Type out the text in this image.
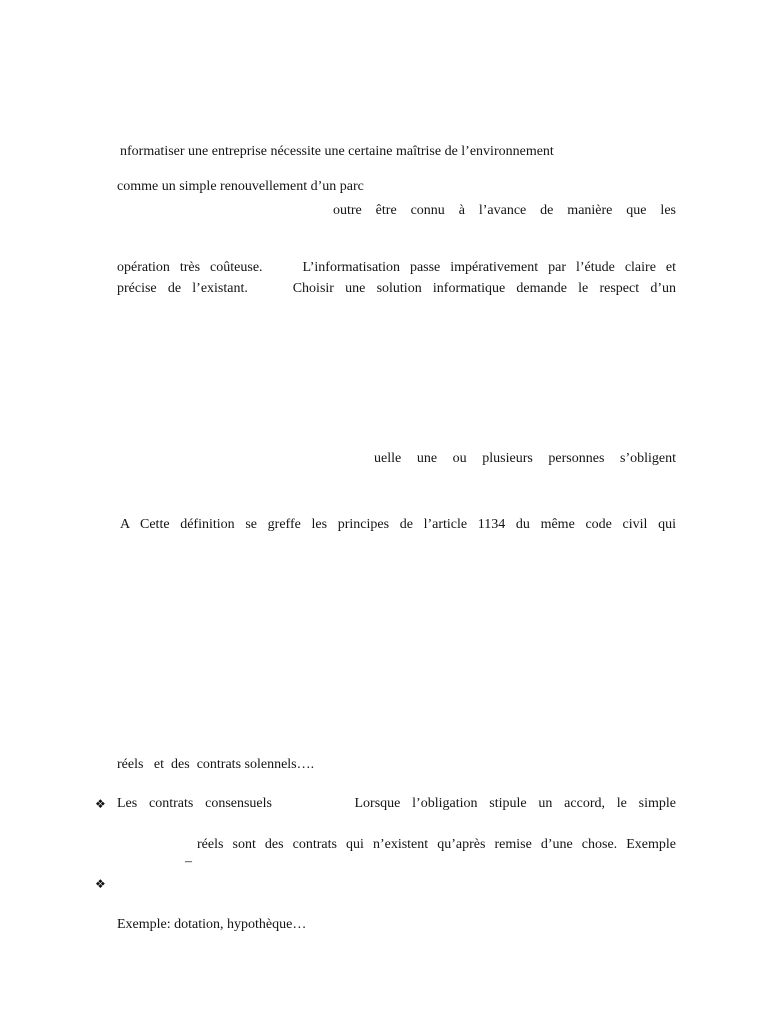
nformatiser une entreprise nécessite une certaine maîtrise de l’environnement
comme un simple renouvellement d’un parc
outre être connu à l’avance de manière que les
opération très coûteuse.    L’informatisation passe impérativement par l’étude claire et
précise de l’existant.    Choisir une solution informatique demande le respect d’un
uelle une ou plusieurs personnes s’obligent
A Cette définition se greffe les principes de l’article 1134 du même code civil qui
réels   et  des  contrats solennels….
❖ Les contrats consensuels       Lorsque l’obligation stipule un accord, le simple
réels sont des contrats qui n’existent qu’après remise d’une chose. Exemple
–
❖
Exemple: dotation, hypothèque…
